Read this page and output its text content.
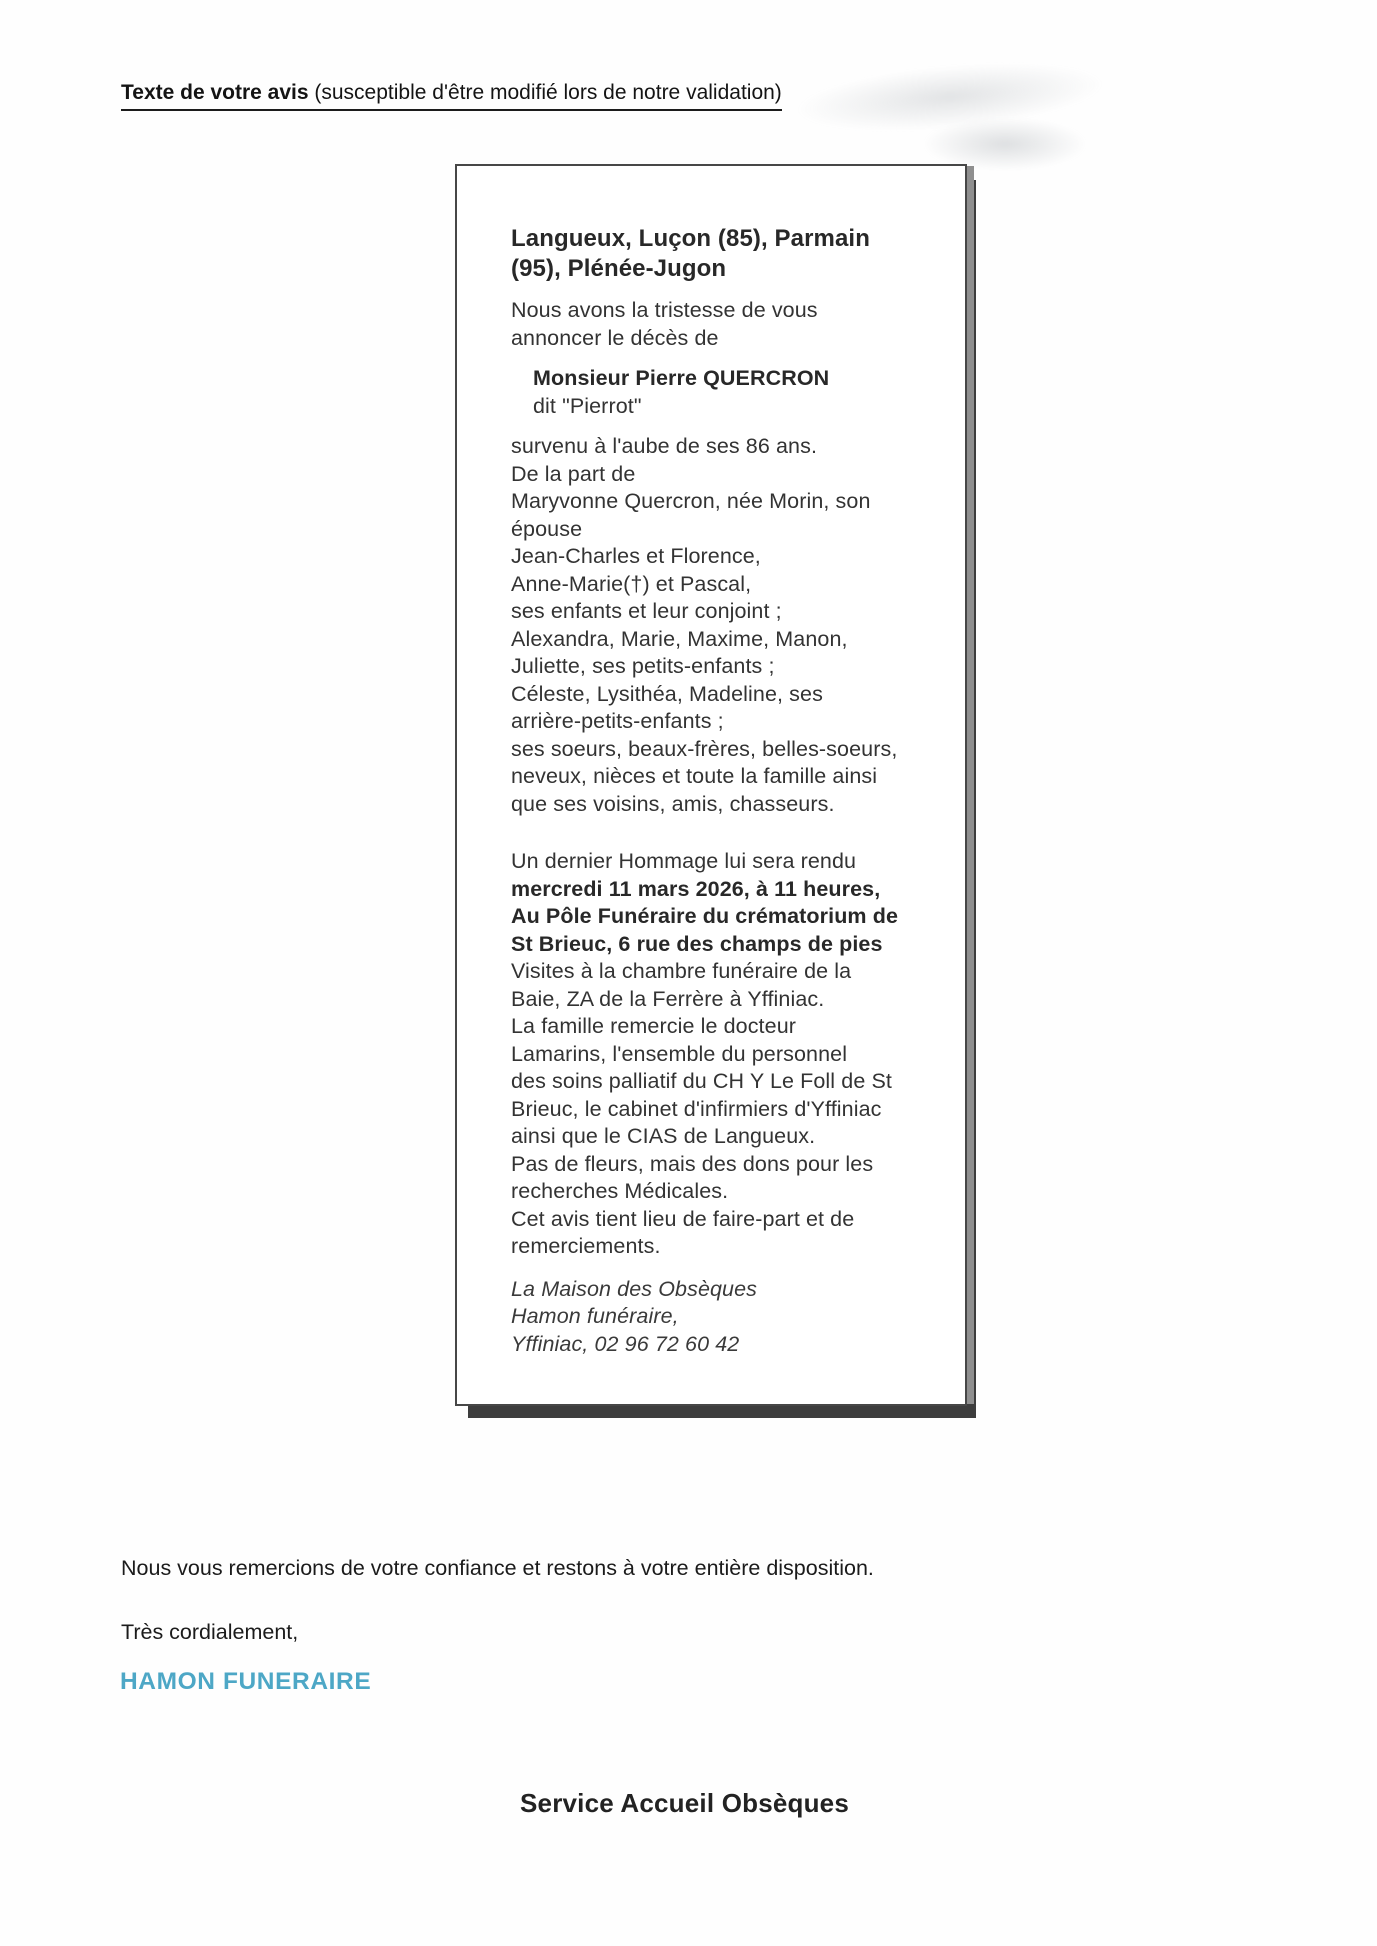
Texte de votre avis (susceptible d'être modifié lors de notre validation)
Langueux, Luçon (85), Parmain
(95), Plénée-Jugon
Nous avons la tristesse de vous
annoncer le décès de
Monsieur Pierre QUERCRON
dit "Pierrot"
survenu à l'aube de ses 86 ans.
De la part de
Maryvonne Quercron, née Morin, son
épouse
Jean-Charles et Florence,
Anne-Marie(†) et Pascal,
ses enfants et leur conjoint ;
Alexandra, Marie, Maxime, Manon,
Juliette, ses petits-enfants ;
Céleste, Lysithéa, Madeline, ses
arrière-petits-enfants ;
ses soeurs, beaux-frères, belles-soeurs,
neveux, nièces et toute la famille ainsi
que ses voisins, amis, chasseurs.
Un dernier Hommage lui sera rendu
mercredi 11 mars 2026, à 11 heures,
Au Pôle Funéraire du crématorium de
St Brieuc, 6 rue des champs de pies
Visites à la chambre funéraire de la
Baie, ZA de la Ferrère à Yffiniac.
La famille remercie le docteur
Lamarins, l'ensemble du personnel
des soins palliatif du CH Y Le Foll de St
Brieuc, le cabinet d'infirmiers d'Yffiniac
ainsi que le CIAS de Langueux.
Pas de fleurs, mais des dons pour les
recherches Médicales.
Cet avis tient lieu de faire-part et de
remerciements.
La Maison des Obsèques
Hamon funéraire,
Yffiniac, 02 96 72 60 42
Nous vous remercions de votre confiance et restons à votre entière disposition.
Très cordialement,
HAMON FUNERAIRE
Service Accueil Obsèques
